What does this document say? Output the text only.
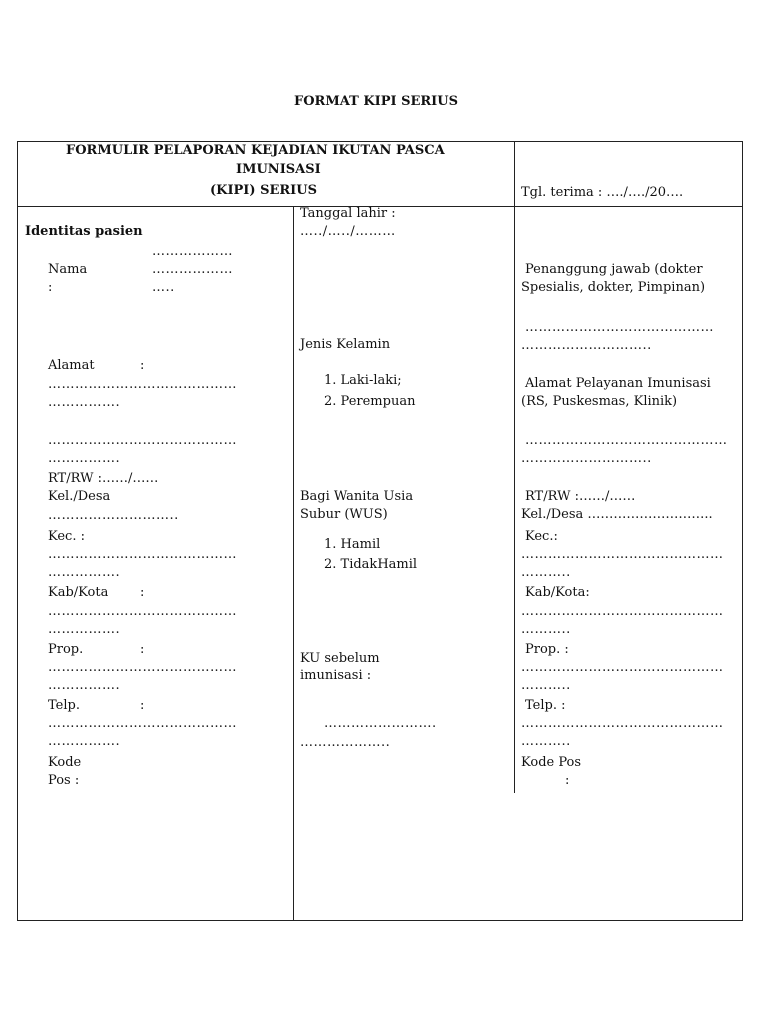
FORMAT KIPI SERIUS
FORMULIR PELAPORAN KEJADIAN IKUTAN PASCA
IMUNISASI
(KIPI) SERIUS	Tgl. terima : …./…./20….
Identitas pasien
………………
Nama	………………
:	…..
Alamat	:
……………………………………
…………….
……………………………………
…………….
RT/RW :……/……
Kel./Desa
………………………..
Kec. :
……………………………………
…………….
Kab/Kota :
……………………………………
…………….
Prop.	:
……………………………………
…………….
Telp.	:
……………………………………
…………….
Kode
Pos :
Tanggal lahir :
…../…../………
Jenis Kelamin
1. Laki-laki;
2. Perempuan
Bagi Wanita Usia
Subur (WUS)
1. Hamil
2. TidakHamil
KU sebelum
imunisasi :
…………………….
………………..
Penanggung jawab (dokter
Spesialis, dokter, Pimpinan)
……………………………………
………………………..
Alamat Pelayanan Imunisasi
(RS, Puskesmas, Klinik)
………………………………………
………………………..
RT/RW :……/……
Kel./Desa ………………………..
Kec.:
………………………………………
………..
Kab/Kota:
………………………………………
………..
Prop. :
………………………………………
………..
Telp. :
………………………………………
………..
Kode Pos
:
